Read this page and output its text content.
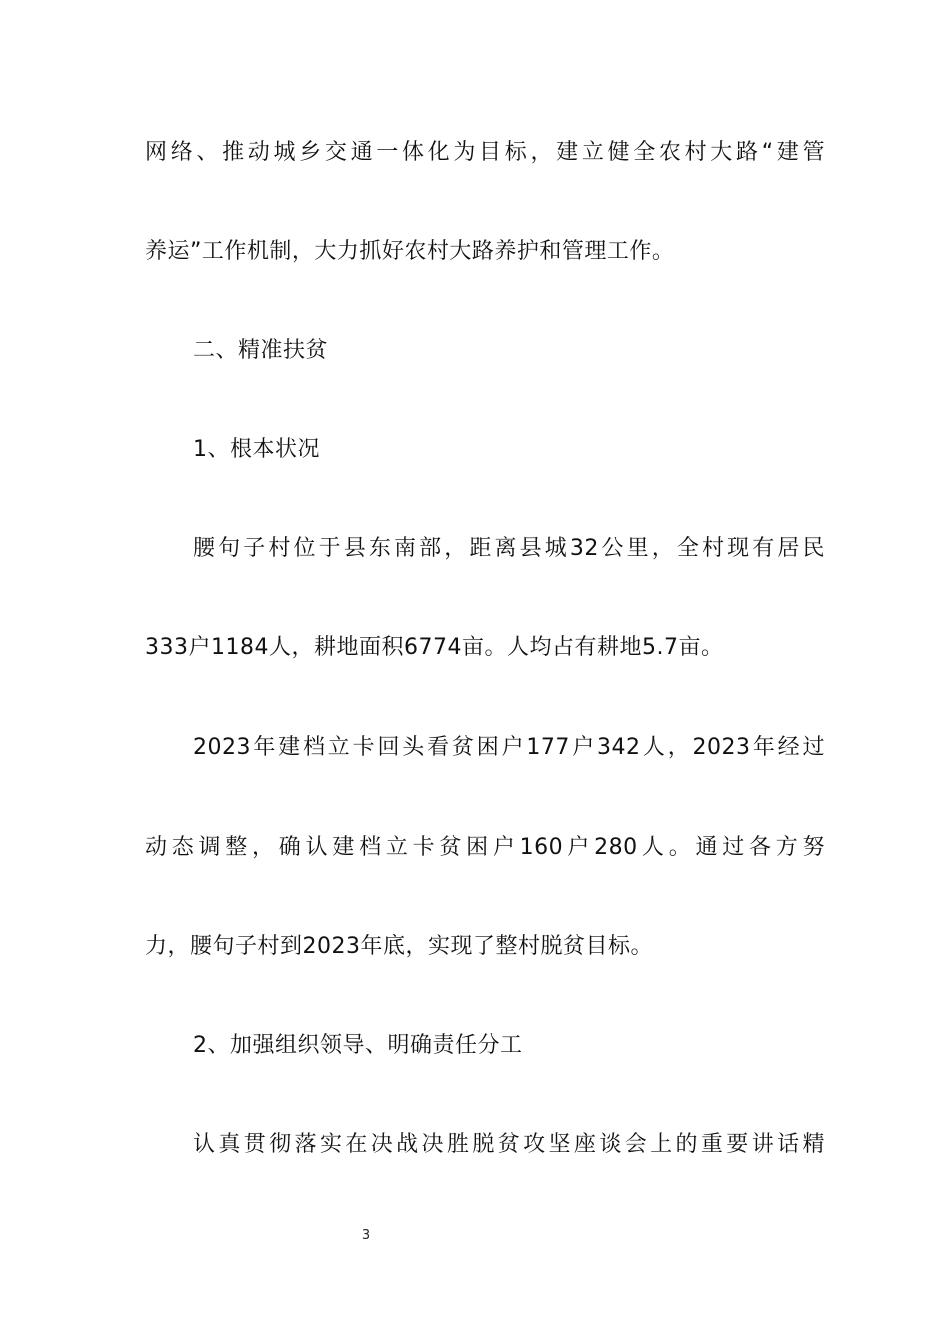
网络、推动城乡交通一体化为目标，建立健全农村大路“建管
养运”工作机制，大力抓好农村大路养护和管理工作。
二、精准扶贫
1、根本状况
腰句子村位于县东南部，距离县城32公里，全村现有居民
333户1184人，耕地面积6774亩。人均占有耕地5.7亩。
2023年建档立卡回头看贫困户177户342人，2023年经过
动态调整，确认建档立卡贫困户160户280人。通过各方努
力，腰句子村到2023年底，实现了整村脱贫目标。
2、加强组织领导、明确责任分工
认真贯彻落实在决战决胜脱贫攻坚座谈会上的重要讲话精
3
